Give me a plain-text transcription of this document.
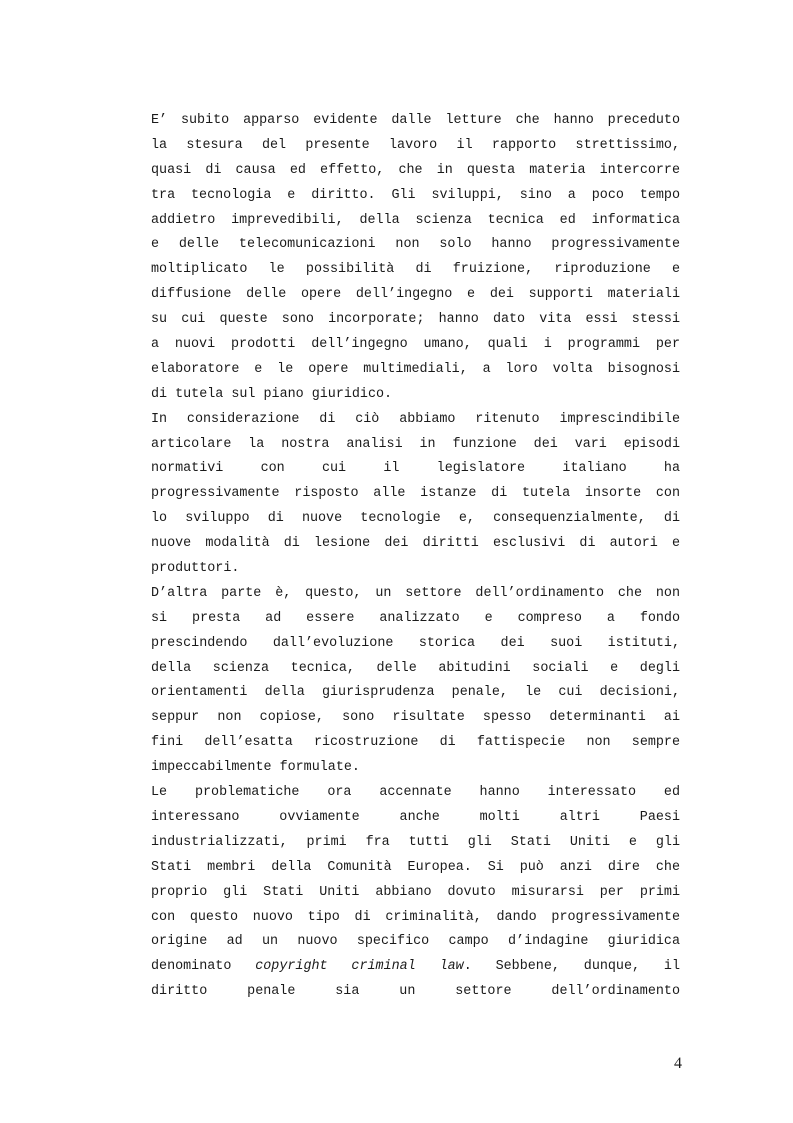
E’ subito apparso evidente dalle letture che hanno preceduto
la stesura del presente lavoro il rapporto strettissimo,
quasi di causa ed effetto, che in questa materia intercorre
tra tecnologia e diritto. Gli sviluppi, sino a poco tempo
addietro imprevedibili, della scienza tecnica ed informatica
e delle telecomunicazioni non solo hanno progressivamente
moltiplicato le possibilità di fruizione, riproduzione e
diffusione delle opere dell’ingegno e dei supporti materiali
su cui queste sono incorporate; hanno dato vita essi stessi
a nuovi prodotti dell’ingegno umano, quali i programmi per
elaboratore e le opere multimediali, a loro volta bisognosi
di tutela sul piano giuridico.
In considerazione di ciò abbiamo ritenuto imprescindibile
articolare la nostra analisi in funzione dei vari episodi
normativi con cui il legislatore italiano ha
progressivamente risposto alle istanze di tutela insorte con
lo sviluppo di nuove tecnologie e, consequenzialmente, di
nuove modalità di lesione dei diritti esclusivi di autori e
produttori.
D’altra parte è, questo, un settore dell’ordinamento che non
si presta ad essere analizzato e compreso a fondo
prescindendo dall’evoluzione storica dei suoi istituti,
della scienza tecnica, delle abitudini sociali e degli
orientamenti della giurisprudenza penale, le cui decisioni,
seppur non copiose, sono risultate spesso determinanti ai
fini dell’esatta ricostruzione di fattispecie non sempre
impeccabilmente formulate.
Le problematiche ora accennate hanno interessato ed
interessano ovviamente anche molti altri Paesi
industrializzati, primi fra tutti gli Stati Uniti e gli
Stati membri della Comunità Europea. Si può anzi dire che
proprio gli Stati Uniti abbiano dovuto misurarsi per primi
con questo nuovo tipo di criminalità, dando progressivamente
origine ad un nuovo specifico campo d’indagine giuridica
denominato copyright criminal law. Sebbene, dunque, il
diritto penale sia un settore dell’ordinamento
4
